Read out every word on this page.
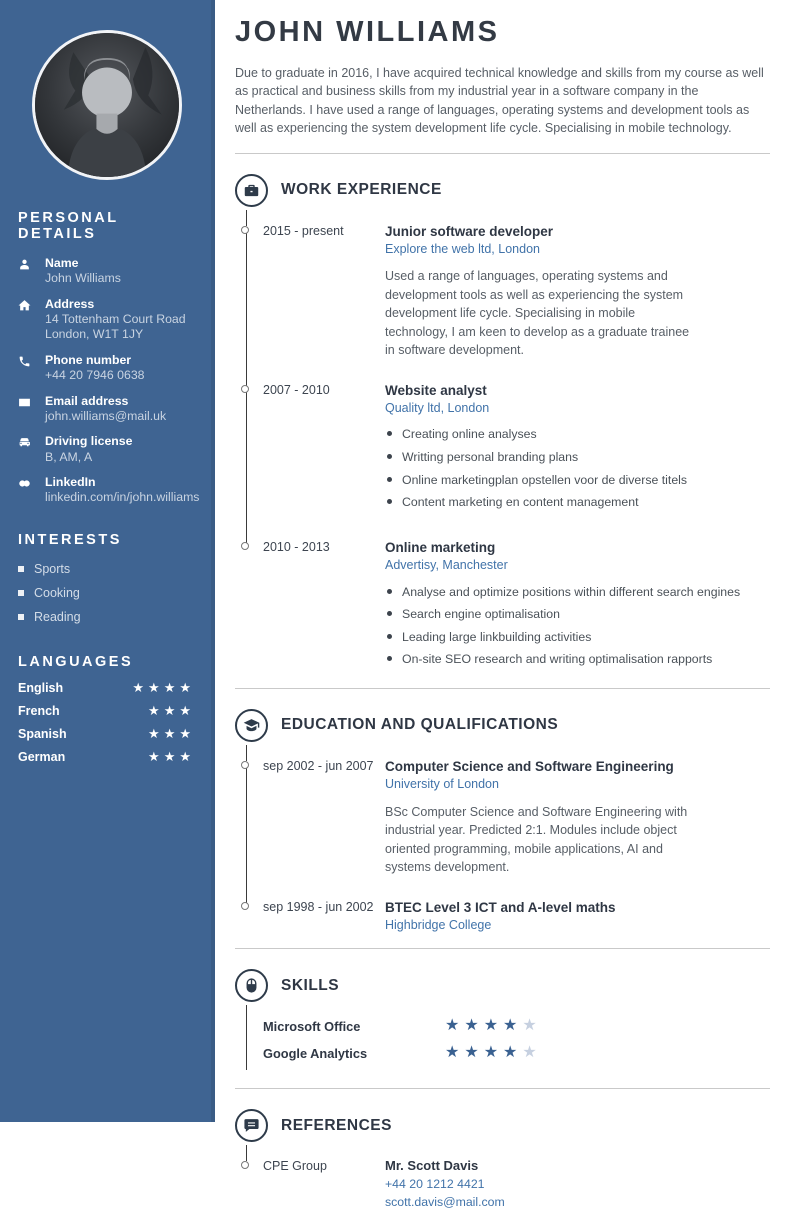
PERSONAL DETAILS
Name
John Williams
Address
14 Tottenham Court Road
London, W1T 1JY
Phone number
+44 20 7946 0638
Email address
john.williams@mail.uk
Driving license
B, AM, A
LinkedIn
linkedin.com/in/john.williams
INTERESTS
Sports
Cooking
Reading
LANGUAGES
English	★★★★
French	★★★
Spanish	★★★
German	★★★
JOHN WILLIAMS

Due to graduate in 2016, I have acquired technical knowledge and skills from my course as well as practical and business skills from my industrial year in a software company in the Netherlands. I have used a range of languages, operating systems and development tools as well as experiencing the system development life cycle. Specialising in mobile technology.

WORK EXPERIENCE
2015 - present	Junior software developer
Explore the web ltd, London

Used a range of languages, operating systems and development tools as well as experiencing the system development life cycle. Specialising in mobile technology, I am keen to develop as a graduate trainee in software development.

2007 - 2010	Website analyst
Quality ltd, London
Creating online analyses
Writting personal branding plans
Online marketingplan opstellen voor de diverse titels
Content marketing en content management
2010 - 2013	Online marketing
Advertisy, Manchester
Analyse and optimize positions within different search engines
Search engine optimalisation
Leading large linkbuilding activities
On-site SEO research and writing optimalisation rapports
EDUCATION AND QUALIFICATIONS
sep 2002 - jun 2007 Computer Science and Software Engineering
University of London

BSc Computer Science and Software Engineering with industrial year. Predicted 2:1. Modules include object oriented programming, mobile applications, AI and systems development.

sep 1998 - jun 2002 BTEC Level 3 ICT and A-level maths
Highbridge College
SKILLS
Microsoft Office	★★★★★
Google Analytics	★★★★★
REFERENCES
CPE Group	Mr. Scott Davis
+44 20 1212 4421
scott.davis@mail.com
